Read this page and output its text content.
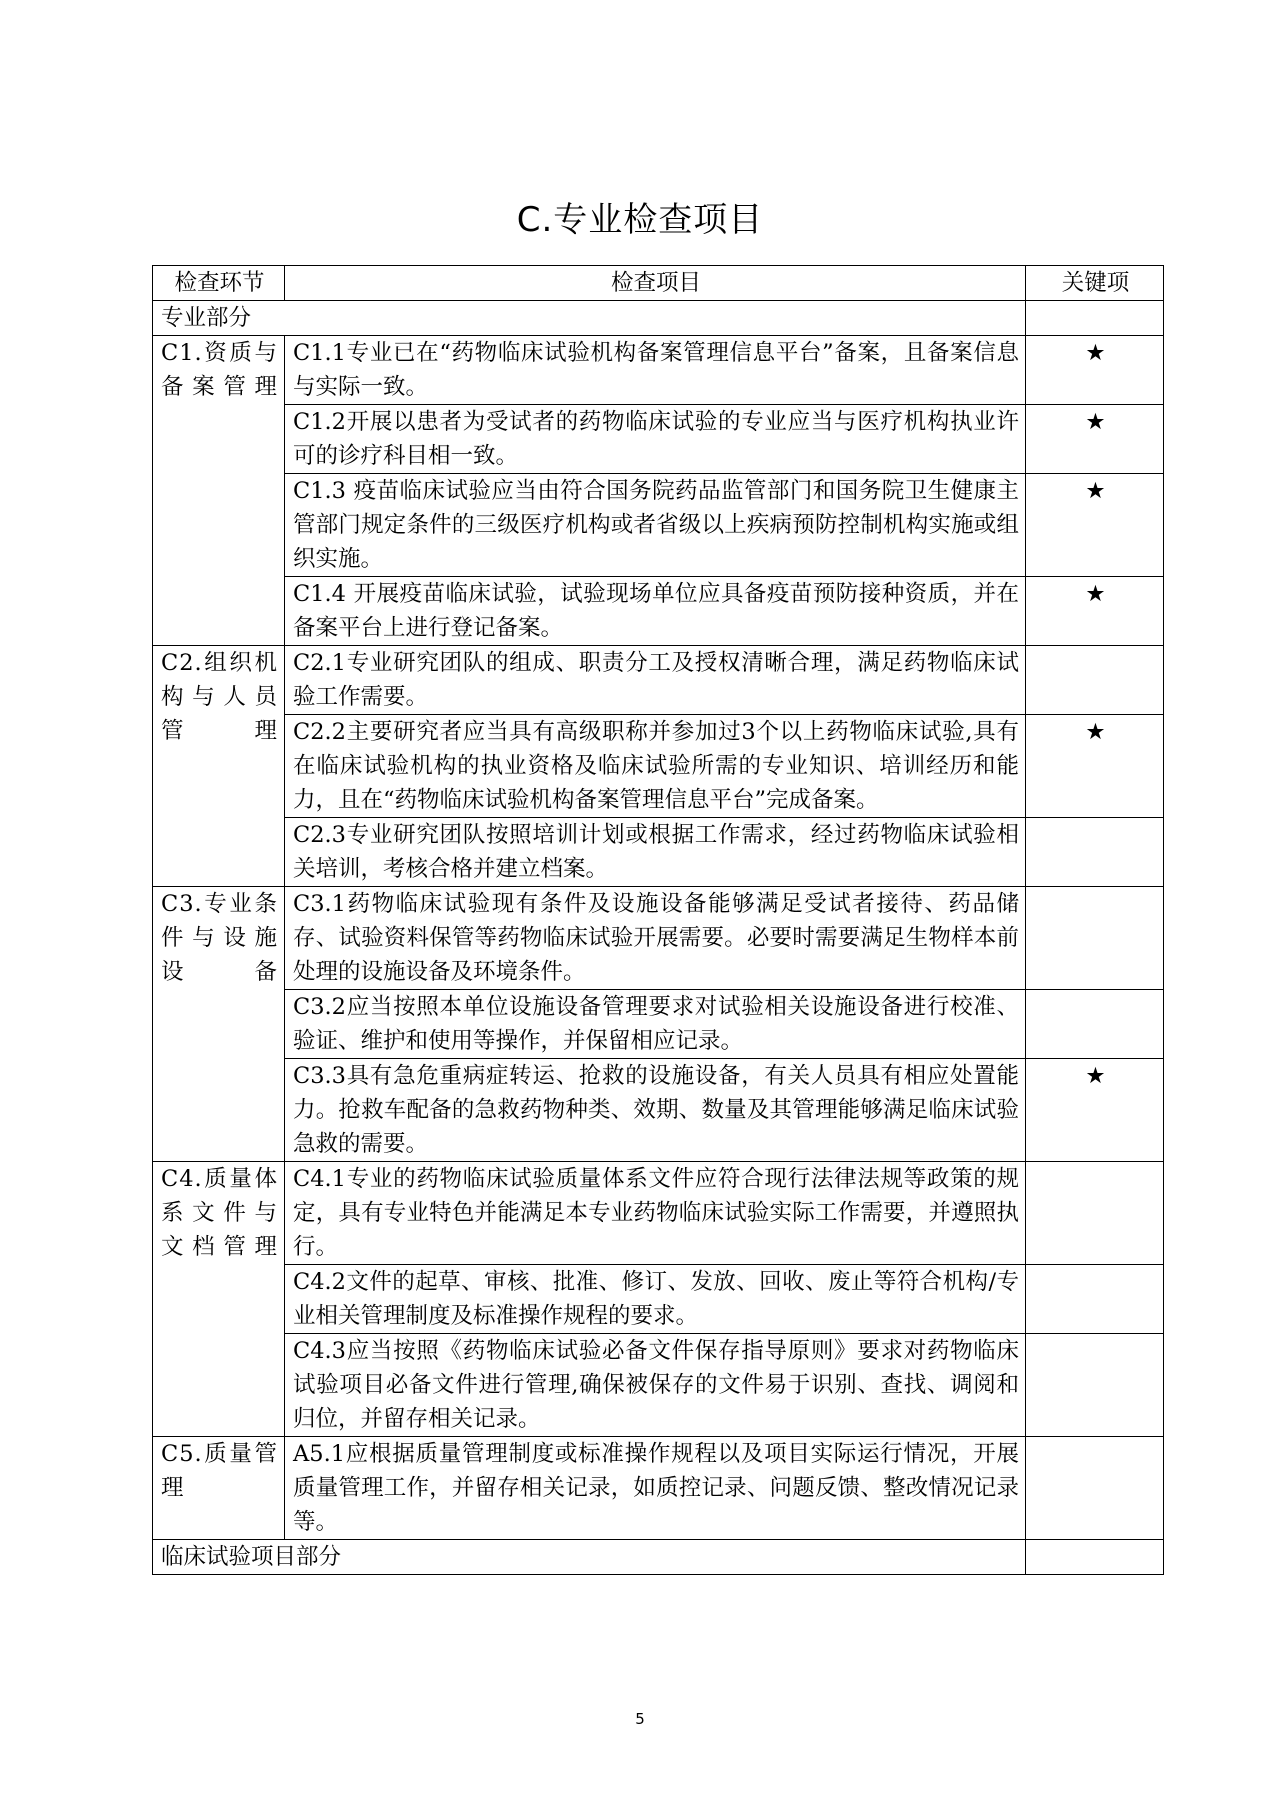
C.专业检查项目
检查环节	检查项目	关键项
专业部分		
C1.资质与备案管理	C1.1专业已在“药物临床试验机构备案管理信息平台”备案，且备案信息与实际一致。	★
	C1.2开展以患者为受试者的药物临床试验的专业应当与医疗机构执业许可的诊疗科目相一致。	★
	C1.3 疫苗临床试验应当由符合国务院药品监管部门和国务院卫生健康主管部门规定条件的三级医疗机构或者省级以上疾病预防控制机构实施或组织实施。	★
	C1.4 开展疫苗临床试验，试验现场单位应具备疫苗预防接种资质，并在备案平台上进行登记备案。	★
C2.组织机构与人员管理	C2.1专业研究团队的组成、职责分工及授权清晰合理，满足药物临床试验工作需要。	
	C2.2主要研究者应当具有高级职称并参加过3个以上药物临床试验,具有在临床试验机构的执业资格及临床试验所需的专业知识、培训经历和能力，且在“药物临床试验机构备案管理信息平台”完成备案。	★
	C2.3专业研究团队按照培训计划或根据工作需求，经过药物临床试验相关培训，考核合格并建立档案。	
C3.专业条件与设施设备	C3.1药物临床试验现有条件及设施设备能够满足受试者接待、药品储存、试验资料保管等药物临床试验开展需要。必要时需要满足生物样本前处理的设施设备及环境条件。	
	C3.2应当按照本单位设施设备管理要求对试验相关设施设备进行校准、验证、维护和使用等操作，并保留相应记录。	
	C3.3具有急危重病症转运、抢救的设施设备，有关人员具有相应处置能力。抢救车配备的急救药物种类、效期、数量及其管理能够满足临床试验急救的需要。	★
C4.质量体系文件与文档管理	C4.1专业的药物临床试验质量体系文件应符合现行法律法规等政策的规定，具有专业特色并能满足本专业药物临床试验实际工作需要，并遵照执行。	
	C4.2文件的起草、审核、批准、修订、发放、回收、废止等符合机构/专业相关管理制度及标准操作规程的要求。	
	C4.3应当按照《药物临床试验必备文件保存指导原则》要求对药物临床试验项目必备文件进行管理,确保被保存的文件易于识别、查找、调阅和归位，并留存相关记录。	
C5.质量管理	A5.1应根据质量管理制度或标准操作规程以及项目实际运行情况，开展质量管理工作，并留存相关记录，如质控记录、问题反馈、整改情况记录等。	
临床试验项目部分		
5
